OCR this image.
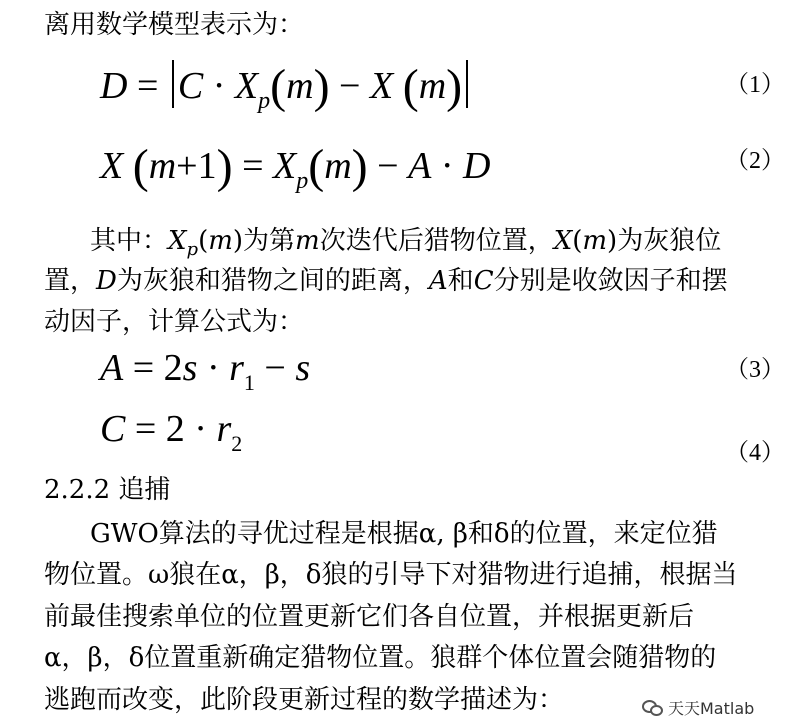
离用数学模型表示为：
$D = C \cdot X_p(m) - X$ (m)	（1）
X $(m+1) = X_p(m) - A \cdot D$	（2）
其中：$X_p(m)$为第m次迭代后猎物位置，X(m)为灰狼位
置，D为灰狼和猎物之间的距离，A和C分别是收敛因子和摆
动因子，计算公式为：
$A = 2s \cdot r_1 - s$	（3）
$C = 2 \cdot r_2$	（4）
2.2.2 追捕
GWO算法的寻优过程是根据α, β和δ的位置，来定位猎
物位置。ω狼在α，β，δ狼的引导下对猎物进行追捕，根据当
前最佳搜索单位的位置更新它们各自位置，并根据更新后
α，β，δ位置重新确定猎物位置。狼群个体位置会随猎物的
逃跑而改变，此阶段更新过程的数学描述为：	天天Matlab
